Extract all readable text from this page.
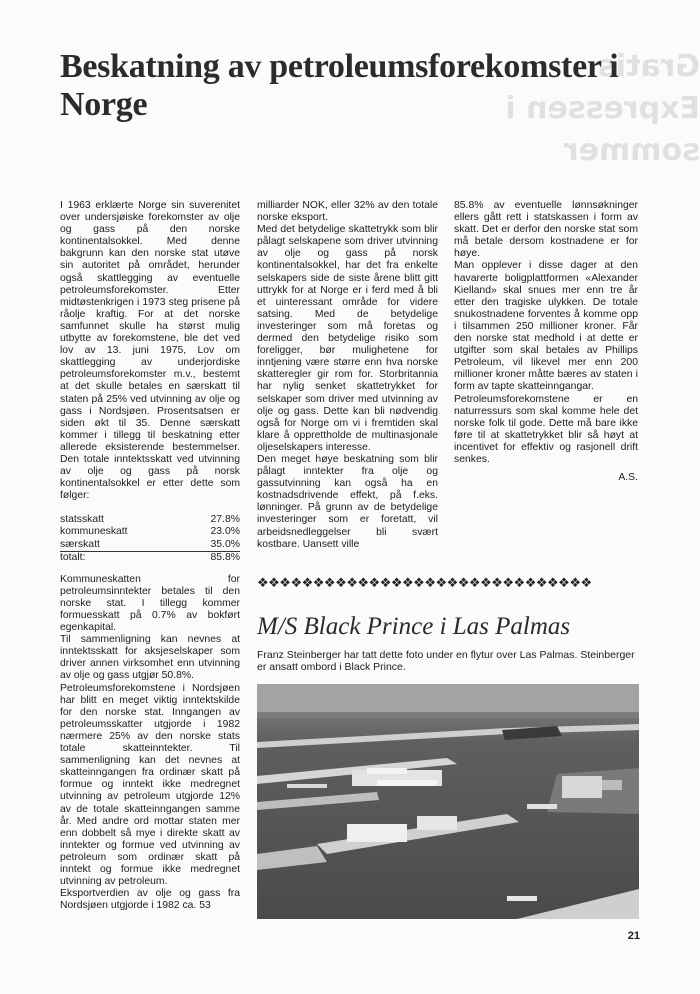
Gratis Expressen i sommer
Beskatning av petroleumsforekomster i Norge

I 1963 erklærte Norge sin suverenitet over undersjøiske forekomster av olje og gass på den norske kontinentalsokkel. Med denne bakgrunn kan den norske stat utøve sin autoritet på området, herunder også skattlegging av eventuelle petroleumsforekomster. Etter midtøstenkrigen i 1973 steg prisene på råolje kraftig. For at det norske samfunnet skulle ha størst mulig utbytte av forekomstene, ble det ved lov av 13. juni 1975, Lov om skattlegging av underjordiske petroleumsforekomster m.v., bestemt at det skulle betales en særskatt til staten på 25% ved utvinning av olje og gass i Nordsjøen. Prosentsatsen er siden økt til 35. Denne særskatt kommer i tillegg til beskatning etter allerede eksisterende bestemmelser. Den totale inntektsskatt ved utvinning av olje og gass på norsk kontinentalsokkel er etter dette som følger:

statsskatt	27.8%
kommuneskatt	23.0%
særskatt	35.0%
totalt:	85.8%

Kommuneskatten for petroleumsinntekter betales til den norske stat. I tillegg kommer formuesskatt på 0.7% av bokført egenkapital.

Til sammenligning kan nevnes at inntektsskatt for aksjeselskaper som driver annen virksomhet enn utvinning av olje og gass utgjør 50.8%.

Petroleumsforekomstene i Nordsjøen har blitt en meget viktig inntektskilde for den norske stat. Inngangen av petroleumsskatter utgjorde i 1982 nærmere 25% av den norske stats totale skatteinntekter. Til sammenligning kan det nevnes at skatteinngangen fra ordinær skatt på formue og inntekt ikke medregnet utvinning av petroleum utgjorde 12% av de totale skatteinngangen samme år. Med andre ord mottar staten mer enn dobbelt så mye i direkte skatt av inntekter og formue ved utvinning av petroleum som ordinær skatt på inntekt og formue ikke medregnet utvinning av petroleum.

Eksportverdien av olje og gass fra Nordsjøen utgjorde i 1982 ca. 53

milliarder NOK, eller 32% av den totale norske eksport.

Med det betydelige skattetrykk som blir pålagt selskapene som driver utvinning av olje og gass på norsk kontinentalsokkel, har det fra enkelte selskapers side de siste årene blitt gitt uttrykk for at Norge er i ferd med å bli et uinteressant område for videre satsing. Med de betydelige investeringer som må foretas og dermed den betydelige risiko som foreligger, bør mulighetene for inntjening være større enn hva norske skatteregler gir rom for. Storbritannia har nylig senket skattetrykket for selskaper som driver med utvinning av olje og gass. Dette kan bli nødvendig også for Norge om vi i fremtiden skal klare å opprettholde de multinasjonale oljeselskapers interesse.

Den meget høye beskatning som blir pålagt inntekter fra olje og gassutvinning kan også ha en kostnadsdrivende effekt, på f.eks. lønninger. På grunn av de betydelige investeringer som er foretatt, vil arbeidsnedleggelser bli svært kostbare. Uansett ville

85.8% av eventuelle lønnsøkninger ellers gått rett i statskassen i form av skatt. Det er derfor den norske stat som må betale dersom kostnadene er for høye.

Man opplever i disse dager at den havarerte boligplattformen «Alexander Kielland» skal snues mer enn tre år etter den tragiske ulykken. De totale snukostnadene forventes å komme opp i tilsammen 250 millioner kroner. Får den norske stat medhold i at dette er utgifter som skal betales av Phillips Petroleum, vil likevel mer enn 200 millioner kroner måtte bæres av staten i form av tapte skatteinngangar.

Petroleumsforekomstene er en naturressurs som skal komme hele det norske folk til gode. Dette må bare ikke føre til at skattetrykket blir så høyt at incentivet for effektiv og rasjonell drift senkes.

A.S.

❖❖❖❖❖❖❖❖❖❖❖❖❖❖❖❖❖❖❖❖❖❖❖❖❖❖❖❖❖❖
M/S Black Prince i Las Palmas
Franz Steinberger har tatt dette foto under en flytur over Las Palmas. Steinberger er ansatt ombord i Black Prince.
21
